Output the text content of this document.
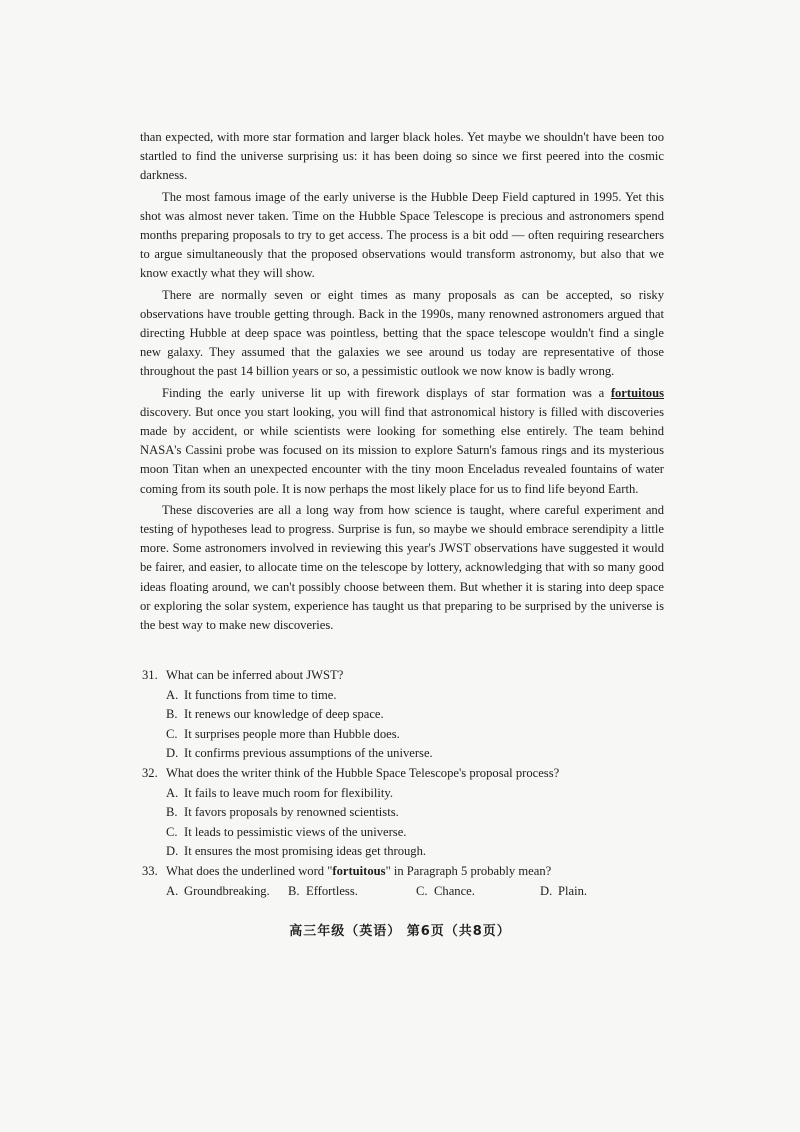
than expected, with more star formation and larger black holes. Yet maybe we shouldn't have been too startled to find the universe surprising us: it has been doing so since we first peered into the cosmic darkness.

The most famous image of the early universe is the Hubble Deep Field captured in 1995. Yet this shot was almost never taken. Time on the Hubble Space Telescope is precious and astronomers spend months preparing proposals to try to get access. The process is a bit odd — often requiring researchers to argue simultaneously that the proposed observations would transform astronomy, but also that we know exactly what they will show.

There are normally seven or eight times as many proposals as can be accepted, so risky observations have trouble getting through. Back in the 1990s, many renowned astronomers argued that directing Hubble at deep space was pointless, betting that the space telescope wouldn't find a single new galaxy. They assumed that the galaxies we see around us today are representative of those throughout the past 14 billion years or so, a pessimistic outlook we now know is badly wrong.

Finding the early universe lit up with firework displays of star formation was a fortuitous discovery. But once you start looking, you will find that astronomical history is filled with discoveries made by accident, or while scientists were looking for something else entirely. The team behind NASA's Cassini probe was focused on its mission to explore Saturn's famous rings and its mysterious moon Titan when an unexpected encounter with the tiny moon Enceladus revealed fountains of water coming from its south pole. It is now perhaps the most likely place for us to find life beyond Earth.

These discoveries are all a long way from how science is taught, where careful experiment and testing of hypotheses lead to progress. Surprise is fun, so maybe we should embrace serendipity a little more. Some astronomers involved in reviewing this year's JWST observations have suggested it would be fairer, and easier, to allocate time on the telescope by lottery, acknowledging that with so many good ideas floating around, we can't possibly choose between them. But whether it is staring into deep space or exploring the solar system, experience has taught us that preparing to be surprised by the universe is the best way to make new discoveries.

31. What can be inferred about JWST?

A. It functions from time to time.

B. It renews our knowledge of deep space.

C. It surprises people more than Hubble does.

D. It confirms previous assumptions of the universe.

32. What does the writer think of the Hubble Space Telescope's proposal process?

A. It fails to leave much room for flexibility.

B. It favors proposals by renowned scientists.

C. It leads to pessimistic views of the universe.

D. It ensures the most promising ideas get through.

33. What does the underlined word "fortuitous" in Paragraph 5 probably mean?

A. Groundbreaking.	B. Effortless.	C. Chance.	D. Plain.
高三年级（英语） 第6页（共8页）
